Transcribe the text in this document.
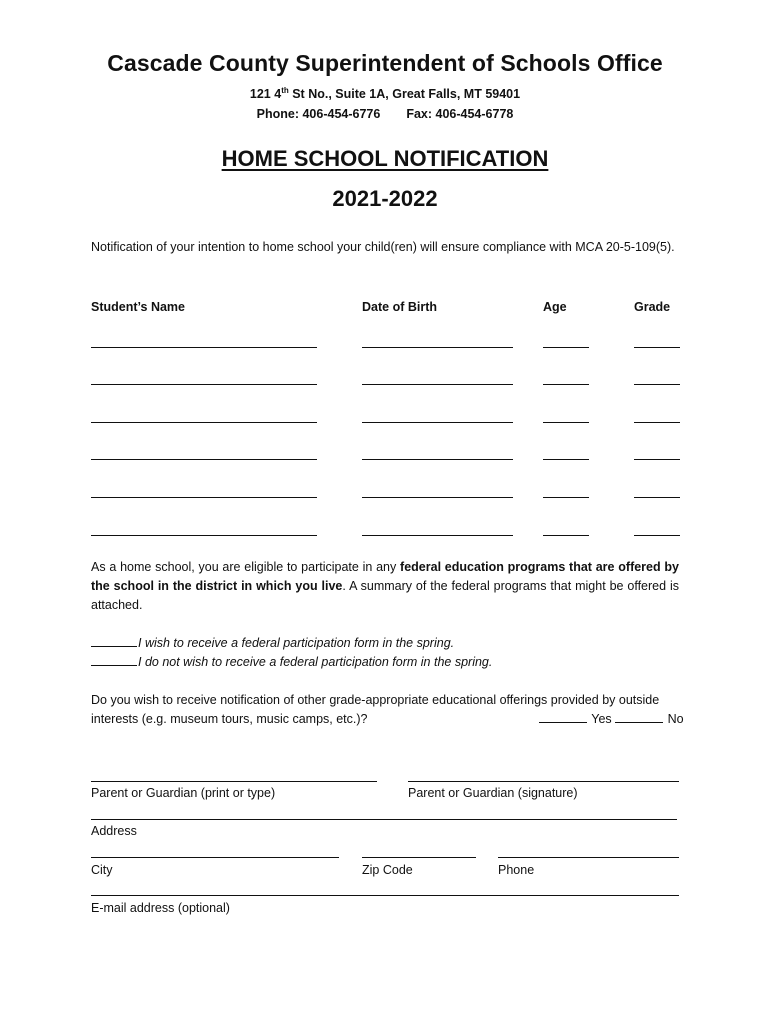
Cascade County Superintendent of Schools Office
121 4th St No., Suite 1A, Great Falls, MT 59401
Phone: 406-454-6776 Fax: 406-454-6778
HOME SCHOOL NOTIFICATION
2021-2022
Notification of your intention to home school your child(ren) will ensure compliance with MCA 20-5-109(5).
Student’s Name	Date of Birth	Age	Grade
As a home school, you are eligible to participate in any federal education programs that are offered by the school in the district in which you live. A summary of the federal programs that might be offered is attached.
I wish to receive a federal participation form in the spring.
I do not wish to receive a federal participation form in the spring.
Do you wish to receive notification of other grade-appropriate educational offerings provided by outside interests (e.g. museum tours, music camps, etc.)?	Yes	No
Parent or Guardian (print or type)	Parent or Guardian (signature)
Address
City	Zip Code	Phone
E-mail address (optional)
